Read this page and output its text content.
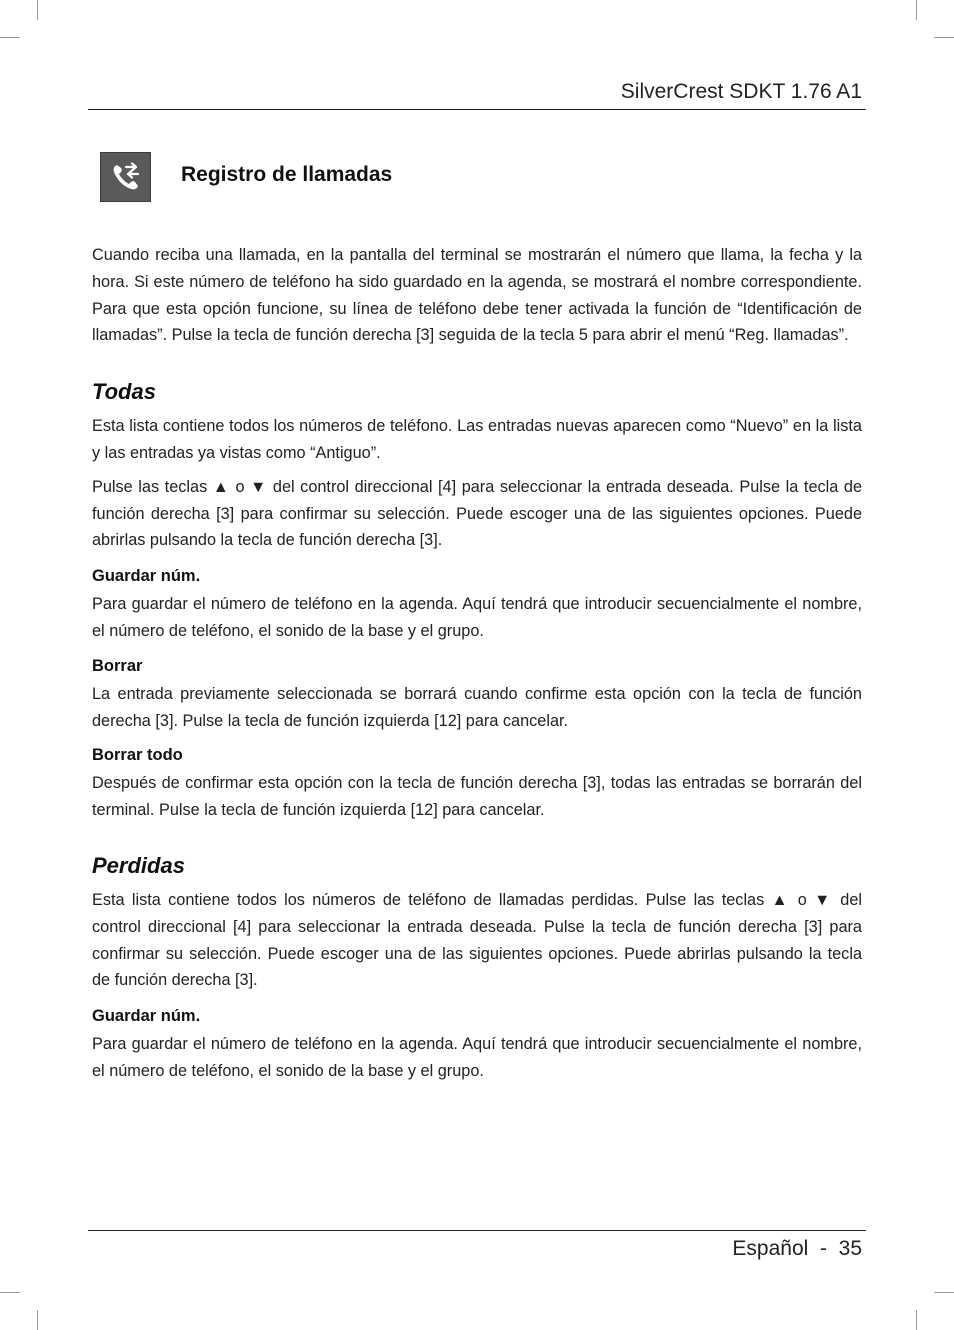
SilverCrest SDKT 1.76 A1
Registro de llamadas

Cuando reciba una llamada, en la pantalla del terminal se mostrarán el número que llama, la fecha y la hora. Si este número de teléfono ha sido guardado en la agenda, se mostrará el nombre correspondiente. Para que esta opción funcione, su línea de teléfono debe tener activada la función de “Identificación de llamadas”. Pulse la tecla de función derecha [3] seguida de la tecla 5 para abrir el menú “Reg. llamadas”.

Todas

Esta lista contiene todos los números de teléfono. Las entradas nuevas aparecen como “Nuevo” en la lista y las entradas ya vistas como “Antiguo”.

Pulse las teclas ▲ o ▼ del control direccional [4] para seleccionar la entrada deseada. Pulse la tecla de función derecha [3] para confirmar su selección. Puede escoger una de las siguientes opciones. Puede abrirlas pulsando la tecla de función derecha [3].

Guardar núm.

Para guardar el número de teléfono en la agenda. Aquí tendrá que introducir secuencialmente el nombre, el número de teléfono, el sonido de la base y el grupo.

Borrar

La entrada previamente seleccionada se borrará cuando confirme esta opción con la tecla de función derecha [3]. Pulse la tecla de función izquierda [12] para cancelar.

Borrar todo

Después de confirmar esta opción con la tecla de función derecha [3], todas las entradas se borrarán del terminal. Pulse la tecla de función izquierda [12] para cancelar.

Perdidas

Esta lista contiene todos los números de teléfono de llamadas perdidas. Pulse las teclas ▲ o ▼ del control direccional [4] para seleccionar la entrada deseada. Pulse la tecla de función derecha [3] para confirmar su selección. Puede escoger una de las siguientes opciones. Puede abrirlas pulsando la tecla de función derecha [3].

Guardar núm.

Para guardar el número de teléfono en la agenda. Aquí tendrá que introducir secuencialmente el nombre, el número de teléfono, el sonido de la base y el grupo.

Español  -  35
